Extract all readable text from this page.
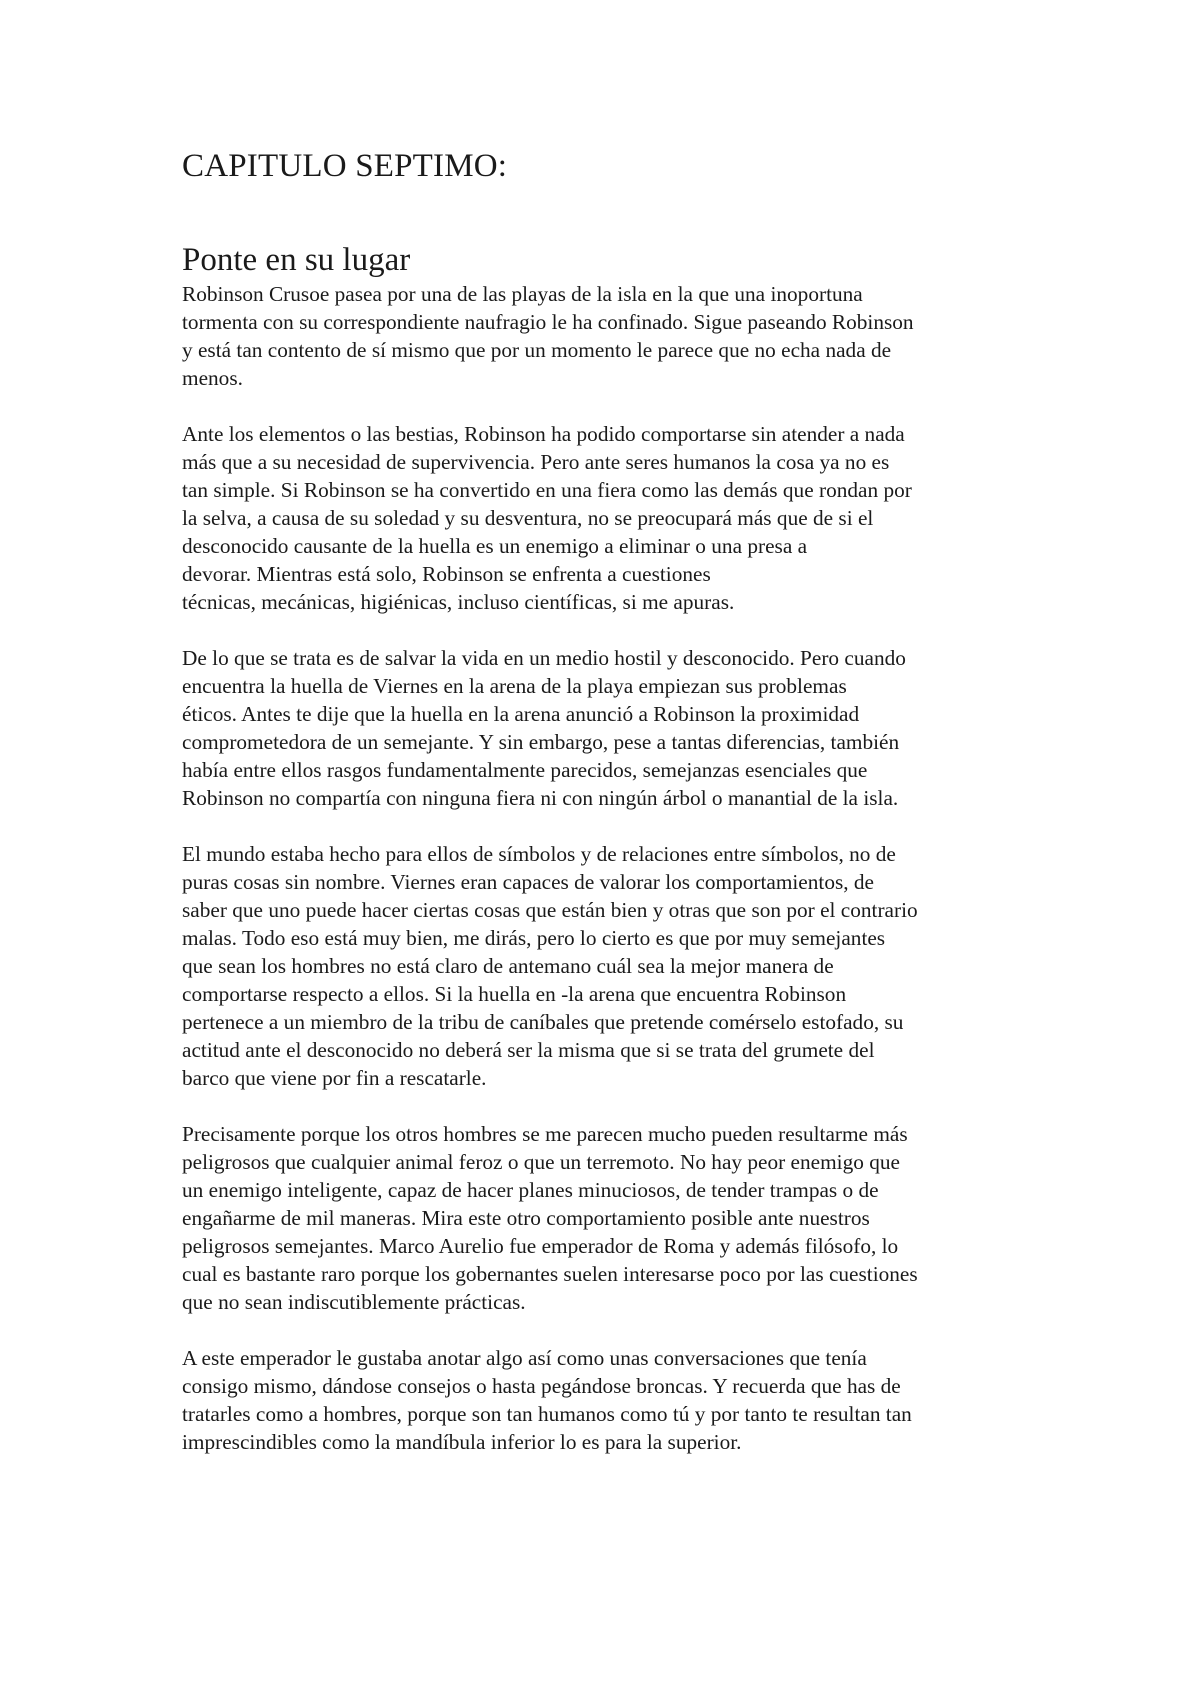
CAPITULO SEPTIMO:
Ponte en su lugar

Robinson Crusoe pasea por una de las playas de la isla en la que una inoportuna
tormenta con su correspondiente naufragio le ha confinado. Sigue paseando Robinson
y está tan contento de sí mismo que por un momento le parece que no echa nada de
menos.

Ante los elementos o las bestias, Robinson ha podido comportarse sin atender a nada
más que a su necesidad de supervivencia. Pero ante seres humanos la cosa ya no es
tan simple. Si Robinson se ha convertido en una fiera como las demás que rondan por
la selva, a causa de su soledad y su desventura, no se preocupará más que de si el
desconocido causante de la huella es un enemigo a eliminar o una presa a
devorar. Mientras está solo, Robinson se enfrenta a cuestiones
técnicas, mecánicas, higiénicas, incluso científicas, si me apuras.

De lo que se trata es de salvar la vida en un medio hostil y desconocido. Pero cuando
encuentra la huella de Viernes en la arena de la playa empiezan sus problemas
éticos. Antes te dije que la huella en la arena anunció a Robinson la proximidad
comprometedora de un semejante. Y sin embargo, pese a tantas diferencias, también
había entre ellos rasgos fundamentalmente parecidos, semejanzas esenciales que
Robinson no compartía con ninguna fiera ni con ningún árbol o manantial de la isla.

El mundo estaba hecho para ellos de símbolos y de relaciones entre símbolos, no de
puras cosas sin nombre. Viernes eran capaces de valorar los comportamientos, de
saber que uno puede hacer ciertas cosas que están bien y otras que son por el contrario
malas. Todo eso está muy bien, me dirás, pero lo cierto es que por muy semejantes
que sean los hombres no está claro de antemano cuál sea la mejor manera de
comportarse respecto a ellos. Si la huella en -la arena que encuentra Robinson
pertenece a un miembro de la tribu de caníbales que pretende comérselo estofado, su
actitud ante el desconocido no deberá ser la misma que si se trata del grumete del
barco que viene por fin a rescatarle.

Precisamente porque los otros hombres se me parecen mucho pueden resultarme más
peligrosos que cualquier animal feroz o que un terremoto. No hay peor enemigo que
un enemigo inteligente, capaz de hacer planes minuciosos, de tender trampas o de
engañarme de mil maneras. Mira este otro comportamiento posible ante nuestros
peligrosos semejantes. Marco Aurelio fue emperador de Roma y además filósofo, lo
cual es bastante raro porque los gobernantes suelen interesarse poco por las cuestiones
que no sean indiscutiblemente prácticas.

A este emperador le gustaba anotar algo así como unas conversaciones que tenía
consigo mismo, dándose consejos o hasta pegándose broncas. Y recuerda que has de
tratarles como a hombres, porque son tan humanos como tú y por tanto te resultan tan
imprescindibles como la mandíbula inferior lo es para la superior.
